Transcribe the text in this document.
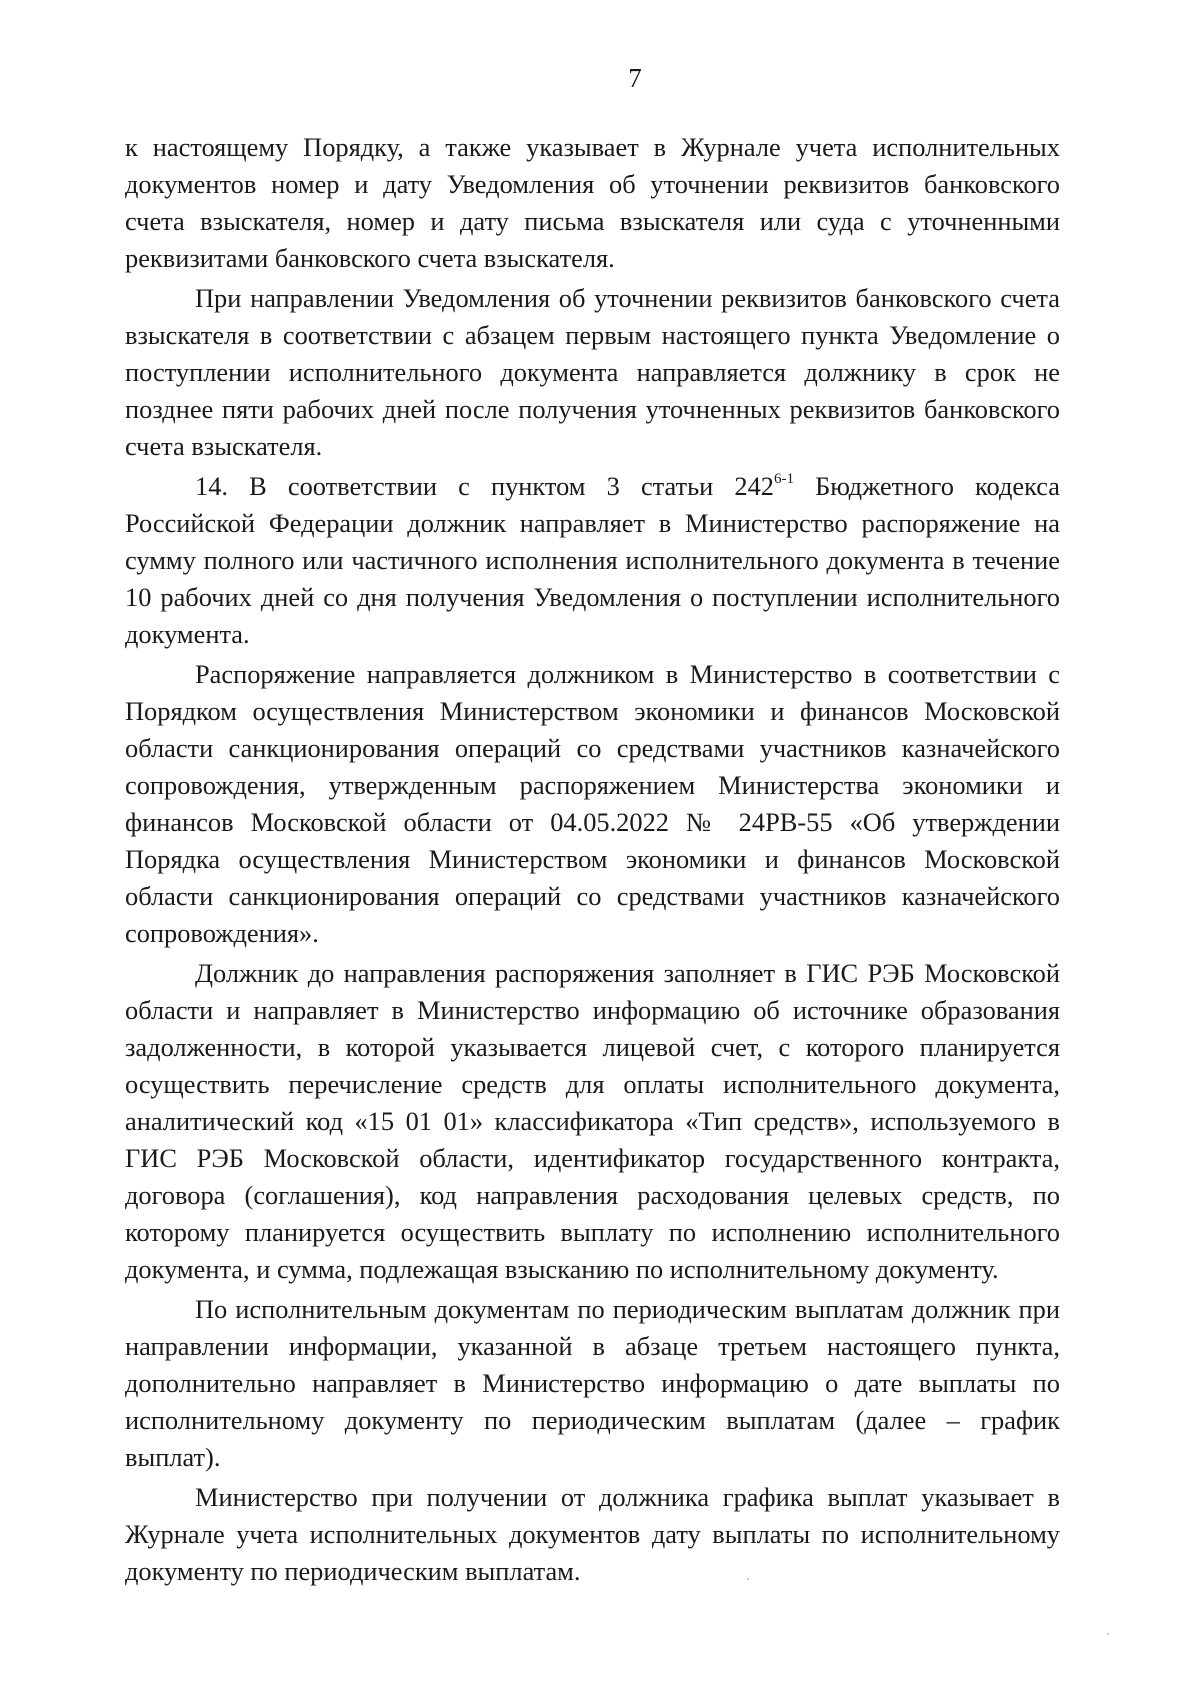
7

к настоящему Порядку, а также указывает в Журнале учета исполнительных документов номер и дату Уведомления об уточнении реквизитов банковского счета взыскателя, номер и дату письма взыскателя или суда с уточненными реквизитами банковского счета взыскателя.

При направлении Уведомления об уточнении реквизитов банковского счета взыскателя в соответствии с абзацем первым настоящего пункта Уведомление о поступлении исполнительного документа направляется должнику в срок не позднее пяти рабочих дней после получения уточненных реквизитов банковского счета взыскателя.

14. В соответствии с пунктом 3 статьи 242$^{6-1}$ Бюджетного кодекса Российской Федерации должник направляет в Министерство распоряжение на сумму полного или частичного исполнения исполнительного документа в течение 10 рабочих дней со дня получения Уведомления о поступлении исполнительного документа.

Распоряжение направляется должником в Министерство в соответствии с Порядком осуществления Министерством экономики и финансов Московской области санкционирования операций со средствами участников казначейского сопровождения, утвержденным распоряжением Министерства экономики и финансов Московской области от 04.05.2022 № 24РВ-55 «Об утверждении Порядка осуществления Министерством экономики и финансов Московской области санкционирования операций со средствами участников казначейского сопровождения».

Должник до направления распоряжения заполняет в ГИС РЭБ Московской области и направляет в Министерство информацию об источнике образования задолженности, в которой указывается лицевой счет, с которого планируется осуществить перечисление средств для оплаты исполнительного документа, аналитический код «15 01 01» классификатора «Тип средств», используемого в ГИС РЭБ Московской области, идентификатор государственного контракта, договора (соглашения), код направления расходования целевых средств, по которому планируется осуществить выплату по исполнению исполнительного документа, и сумма, подлежащая взысканию по исполнительному документу.

По исполнительным документам по периодическим выплатам должник при направлении информации, указанной в абзаце третьем настоящего пункта, дополнительно направляет в Министерство информацию о дате выплаты по исполнительному документу по периодическим выплатам (далее – график выплат).

Министерство при получении от должника графика выплат указывает в Журнале учета исполнительных документов дату выплаты по исполнительному документу по периодическим выплатам.
